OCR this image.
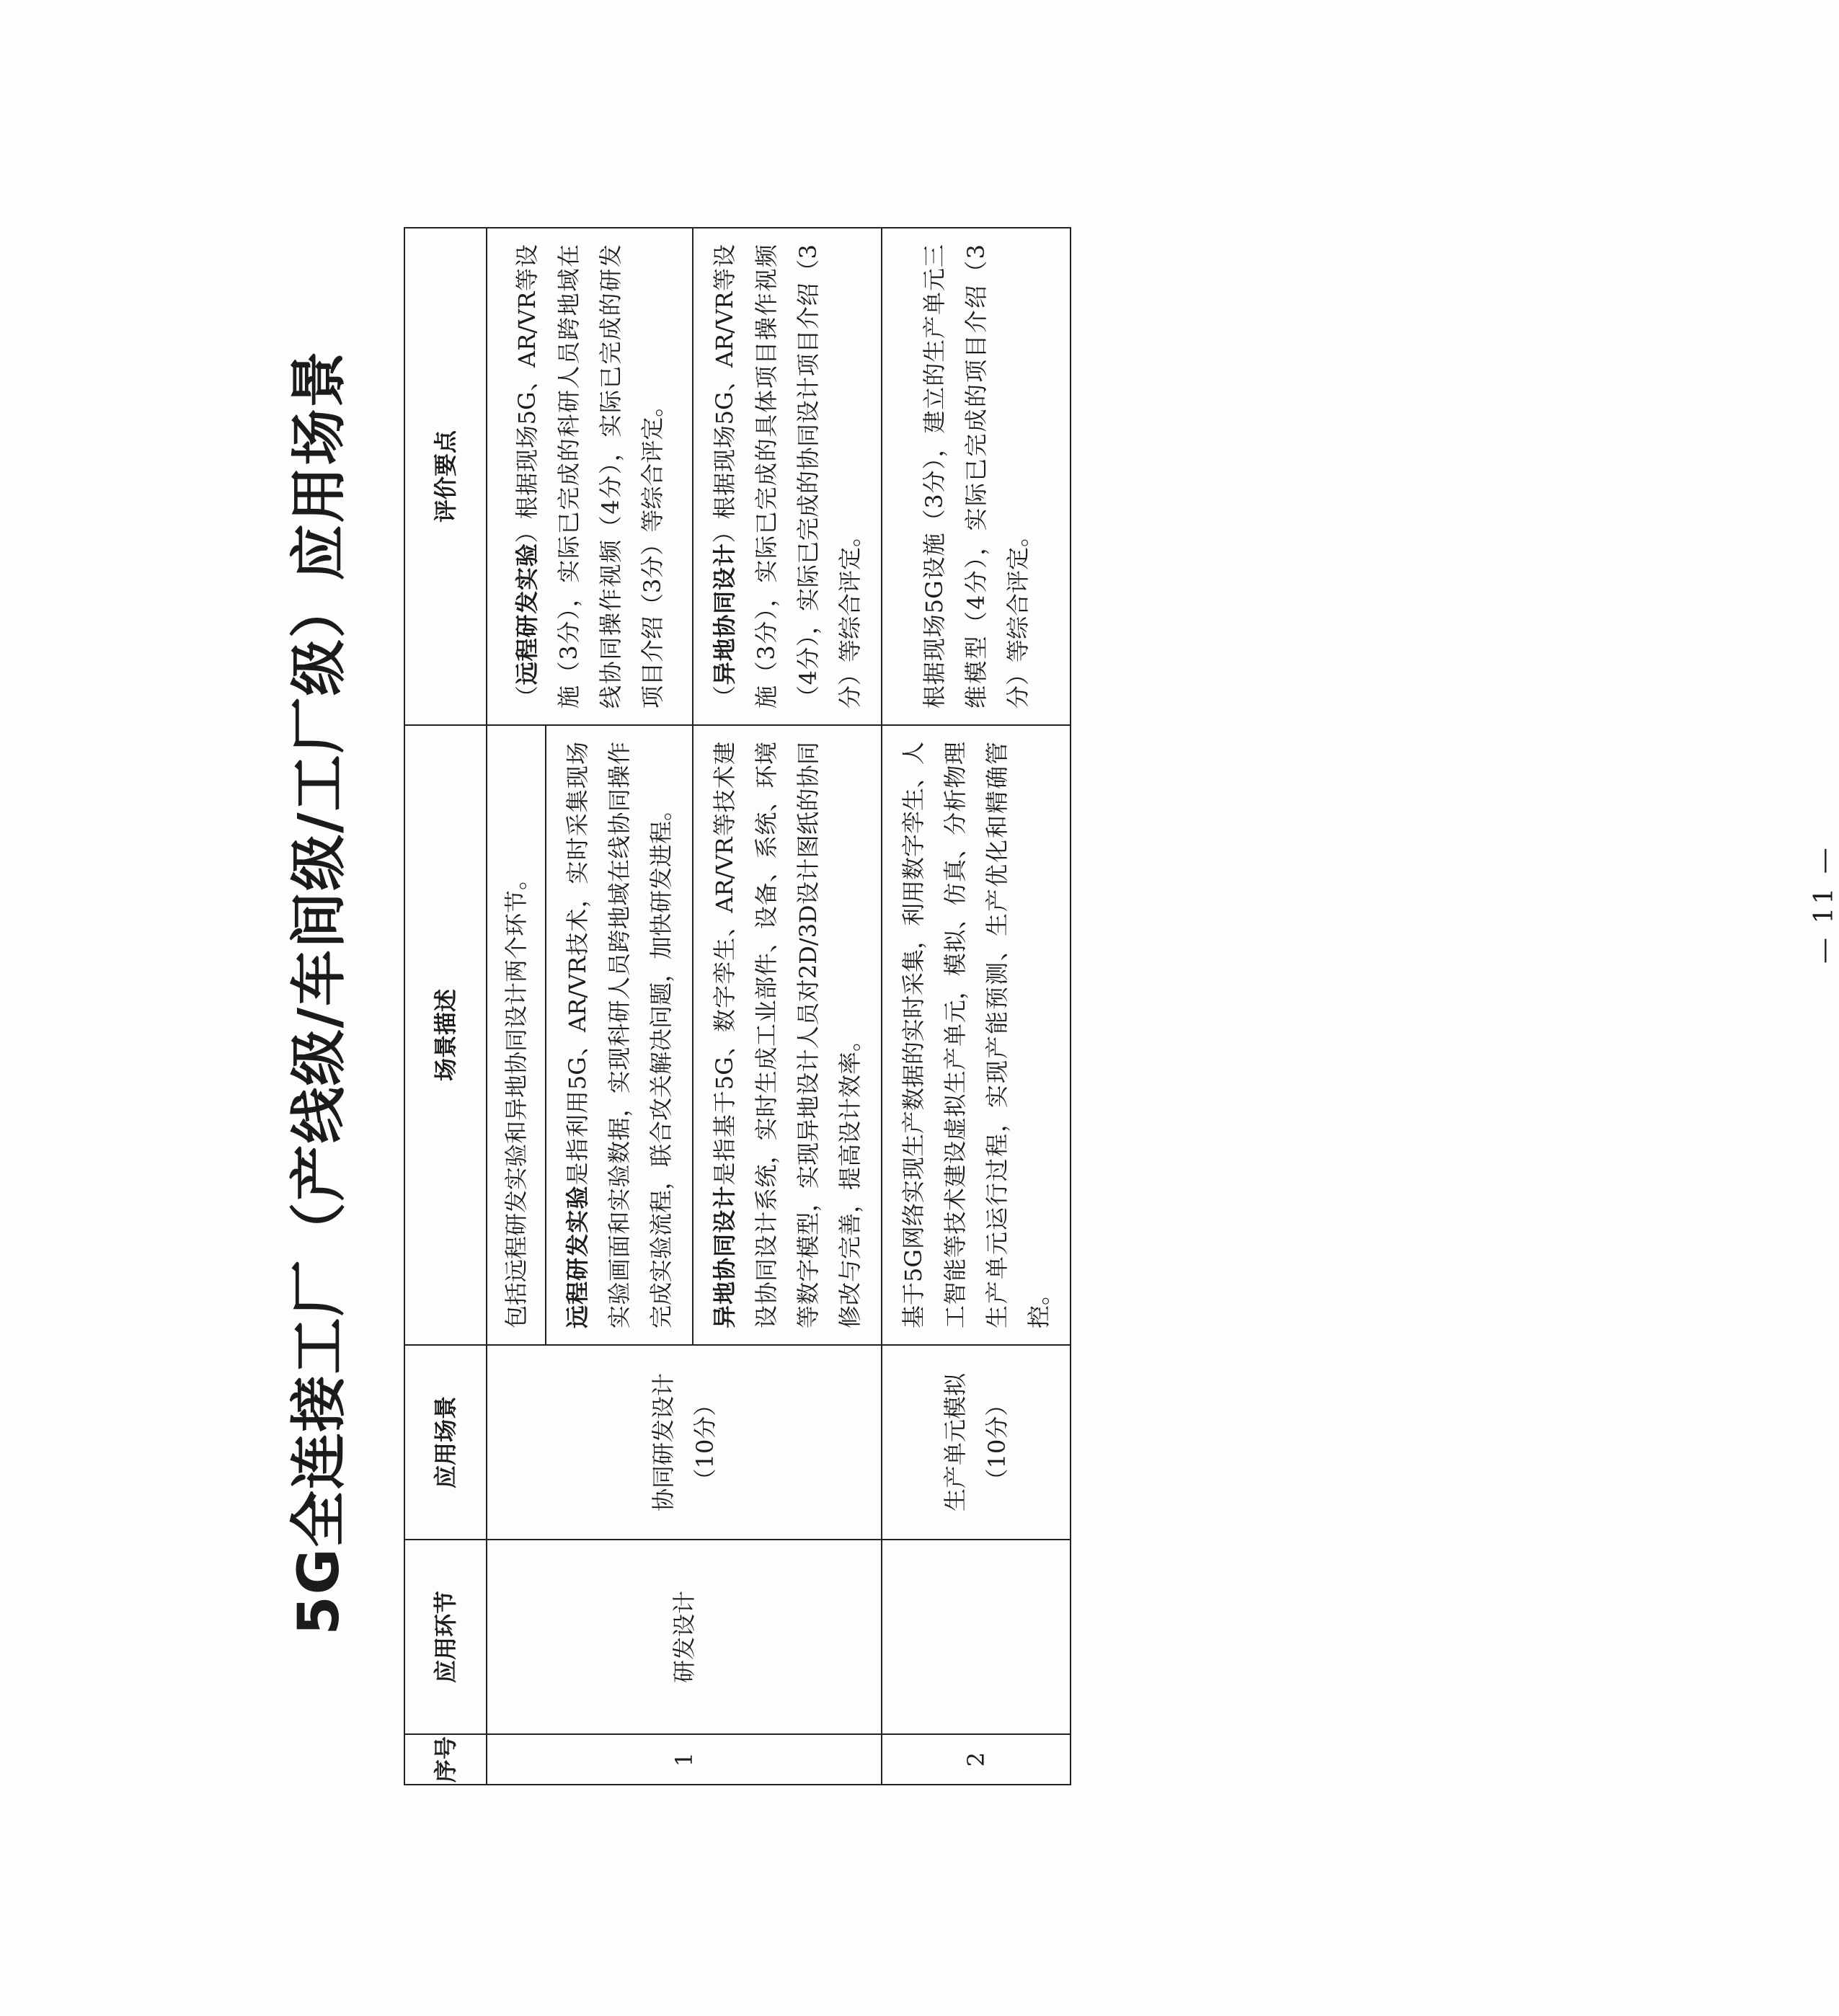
5G全连接工厂（产线级/车间级/工厂级）应用场景
序号	应用环节	应用场景	场景描述	评价要点
1	研发设计	协同研发设计 （10分）	包括远程研发实验和异地协同设计两个环节。	（远程研发实验）根据现场5G、AR/VR等设施（3分），实际已完成的科研人员跨地域在线协同操作视频（4分），实际已完成的研发项目介绍（3分）等综合评定。
			远程研发实验是指利用5G、AR/VR技术，实时采集现场实验画面和实验数据，实现科研人员跨地域在线协同操作完成实验流程，联合攻关解决问题，加快研发进程。	
			异地协同设计是指基于5G、数字孪生、AR/VR等技术建设协同设计系统，实时生成工业部件、设备、系统、环境等数字模型，实现异地设计人员对2D/3D设计图纸的协同修改与完善，提高设计效率。	（异地协同设计）根据现场5G、AR/VR等设施（3分），实际已完成的具体项目操作视频（4分），实际已完成的协同设计项目介绍（3分）等综合评定。
2		生产单元模拟 （10分）	基于5G网络实现生产数据的实时采集，利用数字孪生、人工智能等技术建设虚拟生产单元，模拟、仿真、分析物理生产单元运行过程，实现产能预测、生产优化和精确管控。	根据现场5G设施（3分），建立的生产单元三维模型（4分），实际已完成的项目介绍（3分）等综合评定。
— 11 —
